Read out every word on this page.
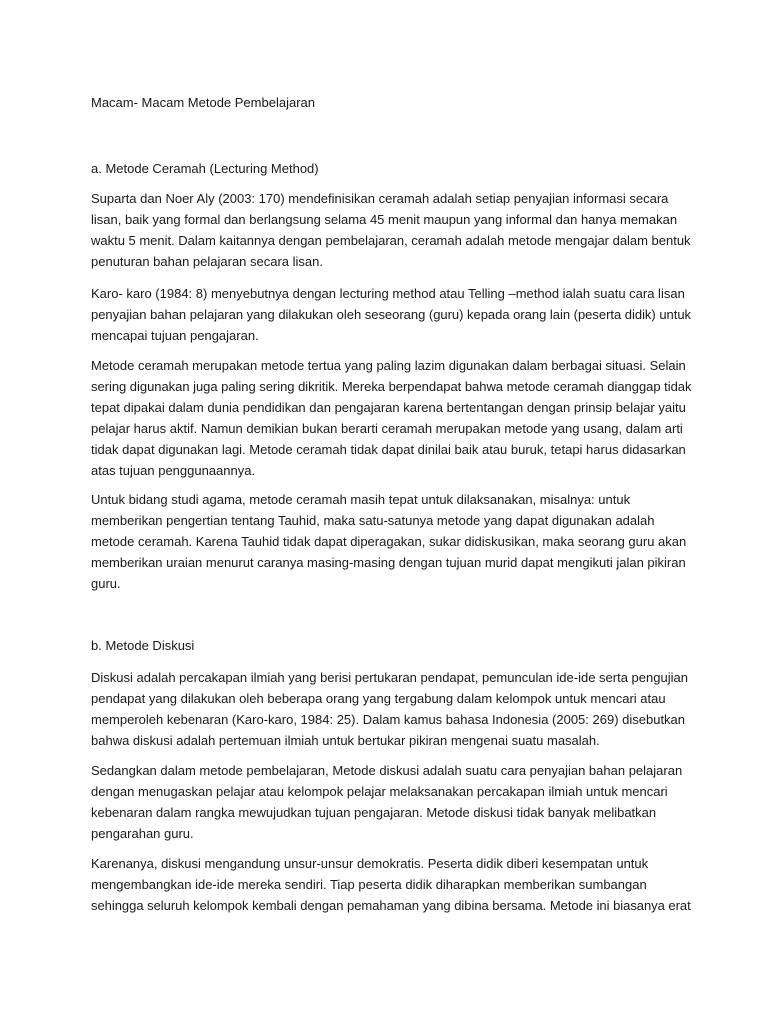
Macam- Macam Metode Pembelajaran
a. Metode Ceramah (Lecturing Method)
Suparta dan Noer Aly (2003: 170) mendefinisikan ceramah adalah setiap penyajian informasi secara
lisan, baik yang formal dan berlangsung selama 45 menit maupun yang informal dan hanya memakan
waktu 5 menit. Dalam kaitannya dengan pembelajaran, ceramah adalah metode mengajar dalam bentuk
penuturan bahan pelajaran secara lisan.
Karo- karo (1984: 8) menyebutnya dengan lecturing method atau Telling –method ialah suatu cara lisan
penyajian bahan pelajaran yang dilakukan oleh seseorang (guru) kepada orang lain (peserta didik) untuk
mencapai tujuan pengajaran.
Metode ceramah merupakan metode tertua yang paling lazim digunakan dalam berbagai situasi. Selain
sering digunakan juga paling sering dikritik. Mereka berpendapat bahwa metode ceramah dianggap tidak
tepat dipakai dalam dunia pendidikan dan pengajaran karena bertentangan dengan prinsip belajar yaitu
pelajar harus aktif. Namun demikian bukan berarti ceramah merupakan metode yang usang, dalam arti
tidak dapat digunakan lagi. Metode ceramah tidak dapat dinilai baik atau buruk, tetapi harus didasarkan
atas tujuan penggunaannya.
Untuk bidang studi agama, metode ceramah masih tepat untuk dilaksanakan, misalnya: untuk
memberikan pengertian tentang Tauhid, maka satu-satunya metode yang dapat digunakan adalah
metode ceramah. Karena Tauhid tidak dapat diperagakan, sukar didiskusikan, maka seorang guru akan
memberikan uraian menurut caranya masing-masing dengan tujuan murid dapat mengikuti jalan pikiran
guru.
b. Metode Diskusi
Diskusi adalah percakapan ilmiah yang berisi pertukaran pendapat, pemunculan ide-ide serta pengujian
pendapat yang dilakukan oleh beberapa orang yang tergabung dalam kelompok untuk mencari atau
memperoleh kebenaran (Karo-karo, 1984: 25). Dalam kamus bahasa Indonesia (2005: 269) disebutkan
bahwa diskusi adalah pertemuan ilmiah untuk bertukar pikiran mengenai suatu masalah.
Sedangkan dalam metode pembelajaran, Metode diskusi adalah suatu cara penyajian bahan pelajaran
dengan menugaskan pelajar atau kelompok pelajar melaksanakan percakapan ilmiah untuk mencari
kebenaran dalam rangka mewujudkan tujuan pengajaran. Metode diskusi tidak banyak melibatkan
pengarahan guru.
Karenanya, diskusi mengandung unsur-unsur demokratis. Peserta didik diberi kesempatan untuk
mengembangkan ide-ide mereka sendiri. Tiap peserta didik diharapkan memberikan sumbangan
sehingga seluruh kelompok kembali dengan pemahaman yang dibina bersama. Metode ini biasanya erat
